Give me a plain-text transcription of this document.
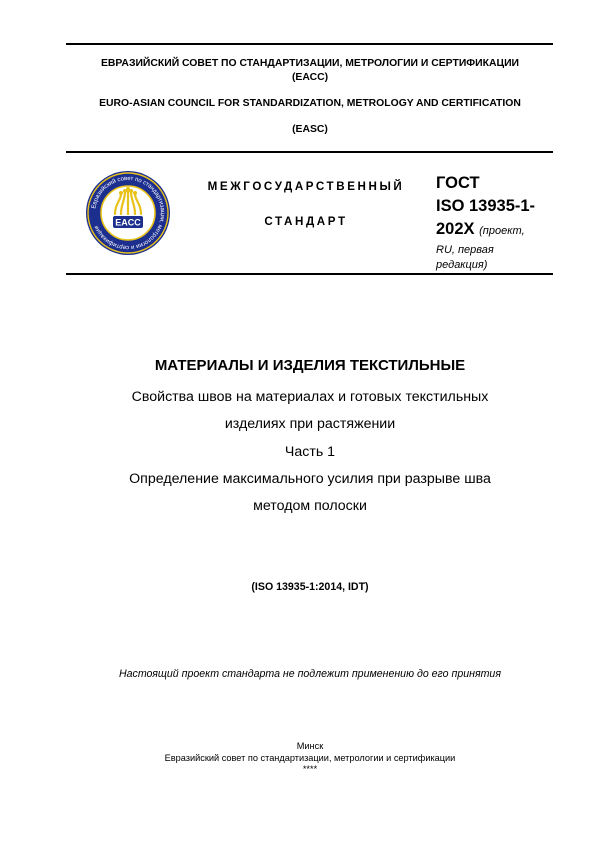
ЕВРАЗИЙСКИЙ СОВЕТ ПО СТАНДАРТИЗАЦИИ, МЕТРОЛОГИИ И СЕРТИФИКАЦИИ
(ЕАСС)
EURO-ASIAN COUNCIL FOR STANDARDIZATION, METROLOGY AND CERTIFICATION
(EASC)
Евразийский совет по стандартизации, метрологии и сертификации	EACC
МЕЖГОСУДАРСТВЕННЫЙ
СТАНДАРТ
ГОСТ
ISO 13935-1-
202X (проект,
RU, первая
редакция)
МАТЕРИАЛЫ И ИЗДЕЛИЯ ТЕКСТИЛЬНЫЕ
Свойства швов на материалах и готовых текстильных
изделиях при растяжении
Часть 1
Определение максимального усилия при разрыве шва
методом полоски
(ISO 13935-1:2014, IDT)
Настоящий проект стандарта не подлежит применению до его принятия
Минск
Евразийский совет по стандартизации, метрологии и сертификации
****
